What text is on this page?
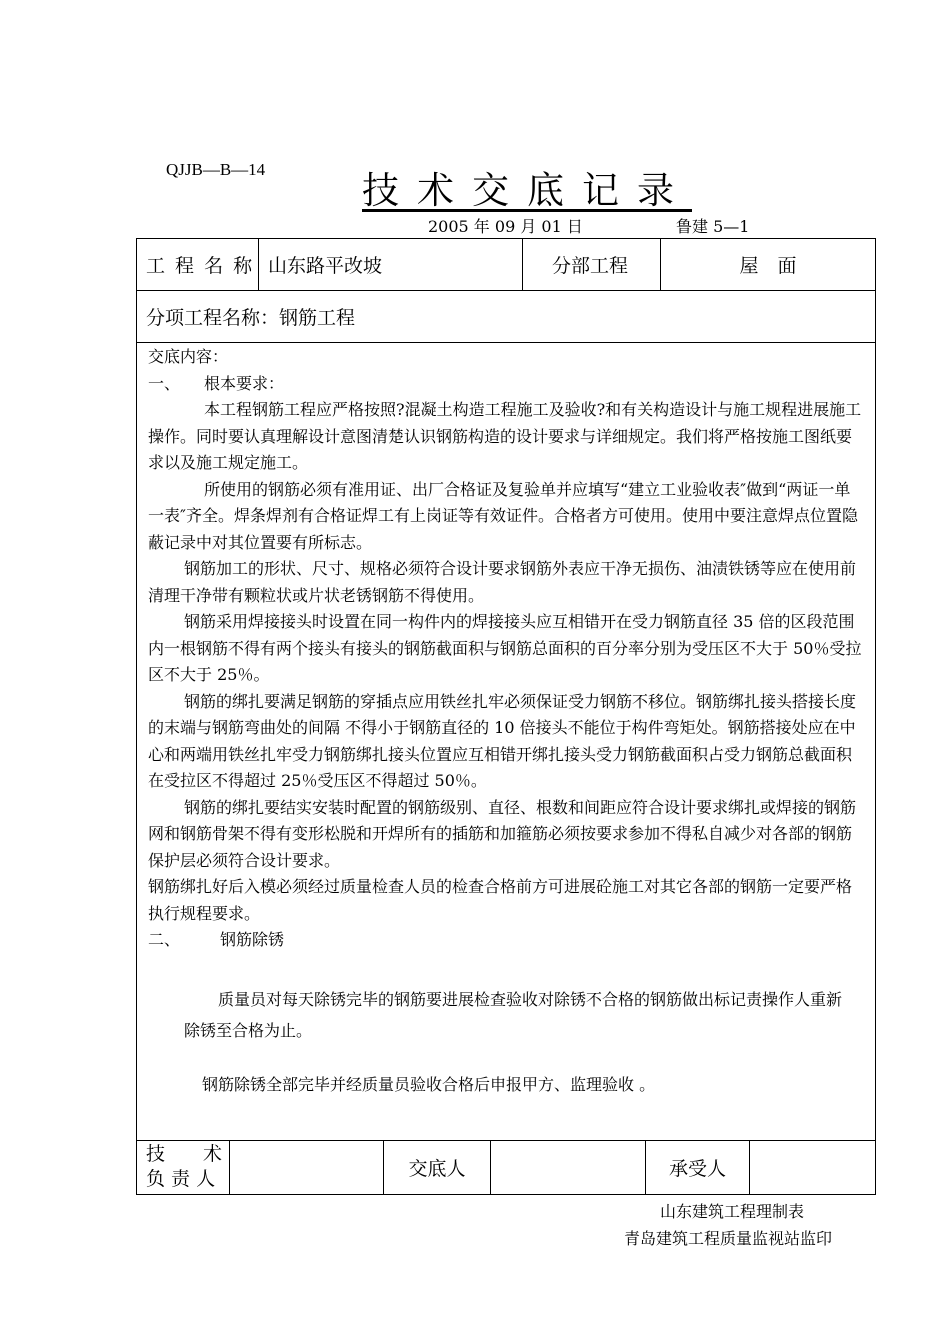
QJJB—B—14	技术交底记录
2005 年 09 月 01 日	鲁建 5—1
工 程 名 称 山东路平改坡	分部工程	屋　面
分项工程名称：钢筋工程

交底内容：

一、　　根本要求：

本工程钢筋工程应严格按照?混凝土构造工程施工及验收?和有关构造设计与施工规程进展施工操作。同时要认真理解设计意图清楚认识钢筋构造的设计要求与详细规定。我们将严格按施工图纸要求以及施工规定施工。

所使用的钢筋必须有准用证、出厂合格证及复验单并应填写“建立工业验收表″做到“两证一单一表″齐全。焊条焊剂有合格证焊工有上岗证等有效证件。合格者方可使用。使用中要注意焊点位置隐蔽记录中对其位置要有所标志。

钢筋加工的形状、尺寸、规格必须符合设计要求钢筋外表应干净无损伤、油渍铁锈等应在使用前清理干净带有颗粒状或片状老锈钢筋不得使用。

钢筋采用焊接接头时设置在同一构件内的焊接接头应互相错开在受力钢筋直径 35 倍的区段范围内一根钢筋不得有两个接头有接头的钢筋截面积与钢筋总面积的百分率分别为受压区不大于 50％受拉区不大于 25％。

钢筋的绑扎要满足钢筋的穿插点应用铁丝扎牢必须保证受力钢筋不移位。钢筋绑扎接头搭接长度的末端与钢筋弯曲处的间隔 不得小于钢筋直径的 10 倍接头不能位于构件弯矩处。钢筋搭接处应在中心和两端用铁丝扎牢受力钢筋绑扎接头位置应互相错开绑扎接头受力钢筋截面积占受力钢筋总截面积在受拉区不得超过 25％受压区不得超过 50％。

钢筋的绑扎要结实安装时配置的钢筋级别、直径、根数和间距应符合设计要求绑扎或焊接的钢筋网和钢筋骨架不得有变形松脱和开焊所有的插筋和加箍筋必须按要求参加不得私自减少对各部的钢筋保护层必须符合设计要求。

钢筋绑扎好后入模必须经过质量检查人员的检查合格前方可进展砼施工对其它各部的钢筋一定要严格执行规程要求。

二、　　　钢筋除锈

质量员对每天除锈完毕的钢筋要进展检查验收对除锈不合格的钢筋做出标记责操作人重新除锈至合格为止。

钢筋除锈全部完毕并经质量员验收合格后申报甲方、监理验收 。

技　　术
负 责 人	交底人	承受人
山东建筑工程理制表
青岛建筑工程质量监视站监印
